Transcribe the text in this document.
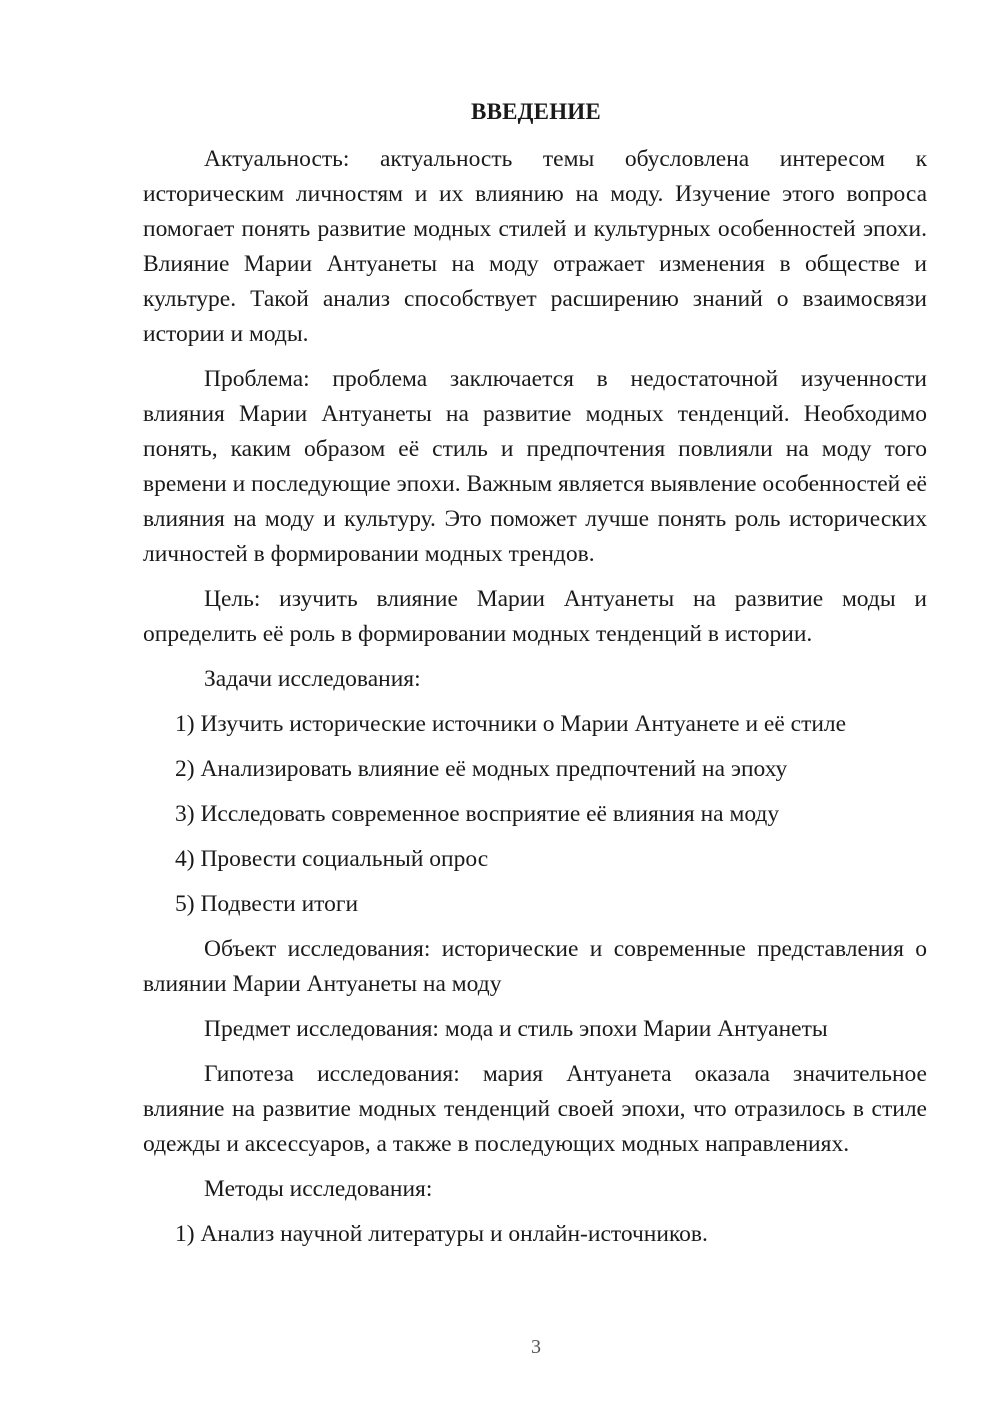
ВВЕДЕНИЕ

Актуальность: актуальность темы обусловлена интересом к историческим личностям и их влиянию на моду. Изучение этого вопроса помогает понять развитие модных стилей и культурных особенностей эпохи. Влияние Марии Антуанеты на моду отражает изменения в обществе и культуре. Такой анализ способствует расширению знаний о взаимосвязи истории и моды.

Проблема: проблема заключается в недостаточной изученности влияния Марии Антуанеты на развитие модных тенденций. Необходимо понять, каким образом её стиль и предпочтения повлияли на моду того времени и последующие эпохи. Важным является выявление особенностей её влияния на моду и культуру. Это поможет лучше понять роль исторических личностей в формировании модных трендов.

Цель: изучить влияние Марии Антуанеты на развитие моды и определить её роль в формировании модных тенденций в истории.

Задачи исследования:

1) Изучить исторические источники о Марии Антуанете и её стиле

2) Анализировать влияние её модных предпочтений на эпоху

3) Исследовать современное восприятие её влияния на моду

4) Провести социальный опрос

5) Подвести итоги

Объект исследования: исторические и современные представления о влиянии Марии Антуанеты на моду

Предмет исследования: мода и стиль эпохи Марии Антуанеты

Гипотеза исследования: мария Антуанета оказала значительное влияние на развитие модных тенденций своей эпохи, что отразилось в стиле одежды и аксессуаров, а также в последующих модных направлениях.

Методы исследования:

1) Анализ научной литературы и онлайн-источников.

3
